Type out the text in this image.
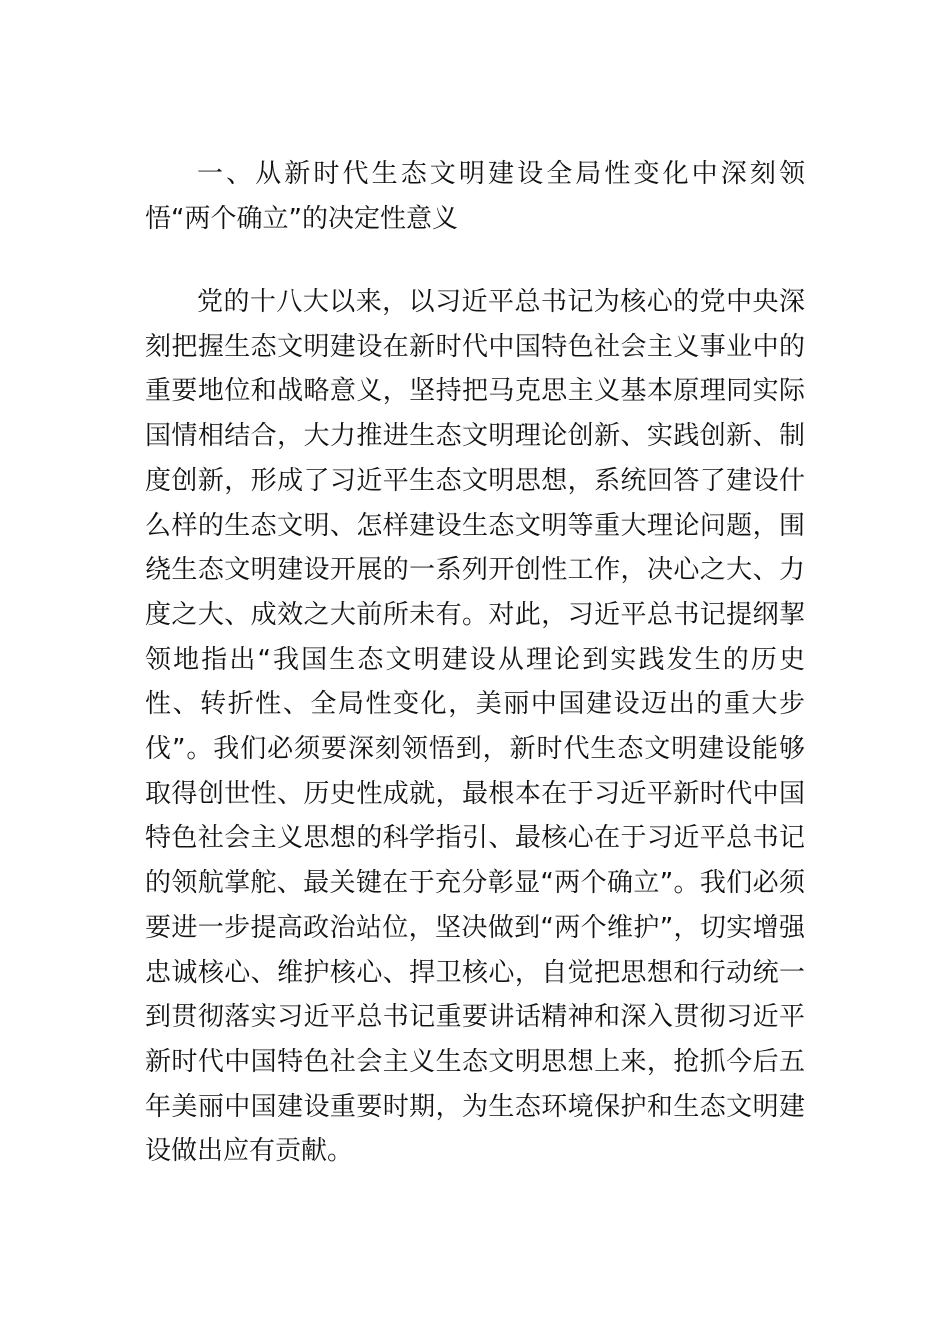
一、从新时代生态文明建设全局性变化中深刻领悟“两个确立”的决定性意义

党的十八大以来，以习近平总书记为核心的党中央深刻把握生态文明建设在新时代中国特色社会主义事业中的重要地位和战略意义，坚持把马克思主义基本原理同实际国情相结合，大力推进生态文明理论创新、实践创新、制度创新，形成了习近平生态文明思想，系统回答了建设什么样的生态文明、怎样建设生态文明等重大理论问题，围绕生态文明建设开展的一系列开创性工作，决心之大、力度之大、成效之大前所未有。对此，习近平总书记提纲挈领地指出“我国生态文明建设从理论到实践发生的历史性、转折性、全局性变化，美丽中国建设迈出的重大步伐”。我们必须要深刻领悟到，新时代生态文明建设能够取得创世性、历史性成就，最根本在于习近平新时代中国特色社会主义思想的科学指引、最核心在于习近平总书记的领航掌舵、最关键在于充分彰显“两个确立”。我们必须要进一步提高政治站位，坚决做到“两个维护”，切实增强忠诚核心、维护核心、捍卫核心，自觉把思想和行动统一到贯彻落实习近平总书记重要讲话精神和深入贯彻习近平新时代中国特色社会主义生态文明思想上来，抢抓今后五年美丽中国建设重要时期，为生态环境保护和生态文明建设做出应有贡献。
